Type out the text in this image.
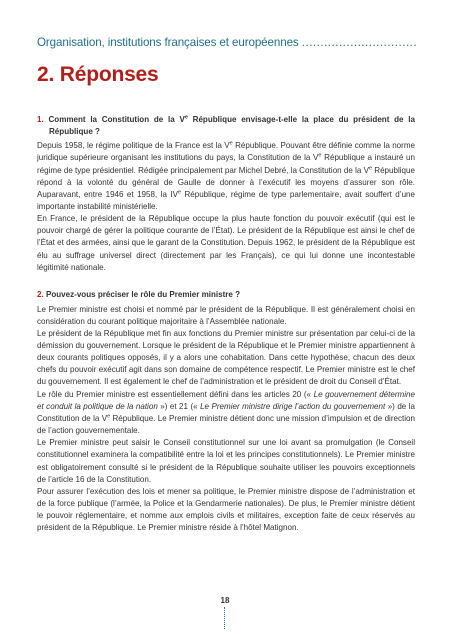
Organisation, institutions françaises et européennes ...............................
2. Réponses

1. Comment la Constitution de la Ve République envisage-t-elle la place du président de la République ?

Depuis 1958, le régime politique de la France est la Ve République. Pouvant être définie comme la norme juridique supérieure organisant les institutions du pays, la Constitution de la Ve République a instauré un régime de type présidentiel. Rédigée principalement par Michel Debré, la Constitution de la Ve République répond à la volonté du général de Gaulle de donner à l’exécutif les moyens d’assurer son rôle. Auparavant, entre 1946 et 1958, la IVe République, régime de type parlementaire, avait souffert d’une importante instabilité ministérielle.

En France, le président de la République occupe la plus haute fonction du pouvoir exécutif (qui est le pouvoir chargé de gérer la politique courante de l’État). Le président de la République est ainsi le chef de l’État et des armées, ainsi que le garant de la Constitution. Depuis 1962, le président de la République est élu au suffrage universel direct (directement par les Français), ce qui lui donne une incontestable légitimité nationale.

2. Pouvez-vous préciser le rôle du Premier ministre ?

Le Premier ministre est choisi et nommé par le président de la République. Il est généralement choisi en considération du courant politique majoritaire à l’Assemblée nationale.

Le président de la République met fin aux fonctions du Premier ministre sur présentation par celui-ci de la démission du gouvernement. Lorsque le président de la République et le Premier ministre appartiennent à deux courants politiques opposés, il y a alors une cohabitation. Dans cette hypothèse, chacun des deux chefs du pouvoir exécutif agit dans son domaine de compétence respectif. Le Premier ministre est le chef du gouvernement. Il est également le chef de l’administration et le président de droit du Conseil d’État.

Le rôle du Premier ministre est essentiellement défini dans les articles 20 (« Le gouvernement détermine et conduit la politique de la nation ») et 21 (« Le Premier ministre dirige l’action du gouvernement ») de la Constitution de la Ve République. Le Premier ministre détient donc une mission d’impulsion et de direction de l’action gouvernementale.

Le Premier ministre peut saisir le Conseil constitutionnel sur une loi avant sa promulgation (le Conseil constitutionnel examinera la compatibilité entre la loi et les principes constitutionnels). Le Premier ministre est obligatoirement consulté si le président de la République souhaite utiliser les pouvoirs exceptionnels de l’article 16 de la Constitution.

Pour assurer l’exécution des lois et mener sa politique, le Premier ministre dispose de l’administration et de la force publique (l’armée, la Police et la Gendarmerie nationales). De plus, le Premier ministre détient le pouvoir réglementaire, et nomme aux emplois civils et militaires, exception faite de ceux réservés au président de la République. Le Premier ministre réside à l’hôtel Matignon.

18
